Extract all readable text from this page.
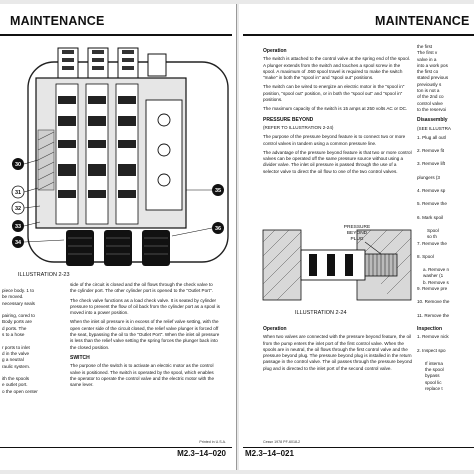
MAINTENANCE
30
31
32
33
34
35
36
ILLUSTRATION 2-23
piece body. 1 to
be moved.
necessary seals
pairing, cored to
Body ports are
d ports. The
s to a hose
r ports to inlet
d in the valve
g a neutral
raulic system.
ith the spools
e outlet port.
o the open center

side of the circuit is closed and the oil flows through the check valve to the cylinder port. The other cylinder port is opened to the "Outlet Port".

The check valve functions as a load check valve. It is seated by cylinder pressure to prevent the flow of oil back from the cylinder port as a spool is moved into a power position.

When the inlet oil pressure is in excess of the relief valve setting, with the open center side of the circuit closed, the relief valve plunger is forced off the seat, bypassing the oil to the "Outlet Port". When the inlet oil pressure is less than the relief valve setting the spring forces the plunger back into the closed position.

SWITCH

The purpose of the switch is to activate an electric motor as the control valve is positioned. The switch is operated by the spool, which enables the operator to operate the control valve and the electric motor with the same lever.

Printed in U.S.A.
M2.3–14–020
MAINTENANCE
Operation

The switch is attached to the control valve at the spring end of the spool. A plunger extends from the switch and touches a spool screw in the spool. A maximum of .060 spool travel is required to make the switch "make" in both the "spool in" and "spool out" positions.

The switch can be wired to energize an electric motor in the "spool in" position, "spool out" position, or in both the "spool out" and "spool in" positions.

The maximum capacity of the switch is 15 amps at 250 volts AC or DC.

PRESSURE BEYOND

(REFER TO ILLUSTRATION 2-24)

The purpose of the pressure beyond feature is to connect two or more control valves in tandem using a common pressure line.

The advantage of the pressure beyond feature is that two or more control valves can be operated off the same pressure source without using a divider valve. The inlet oil pressure is passed through the use of a selector valve to direct the oil flow to one of the two control valves.

PRESSURE
BEYOND
PLUG
ILLUSTRATION 2-24
Operation

When two valves are connected with the pressure beyond feature, the oil from the pump enters the inlet port of the first control valve. When the spools are in neutral, the oil flows through the first control valve and the pressure beyond plug. The pressure beyond plug is installed in the return passage in the control valve. The oil passes through the pressure beyond plug and is directed to the inlet port of the second control valve.

the first
The first v
valve in a
into a work pos
the first co
stated previous
previously s
ton is not a
of the 2nd co
control valve
to the reservoi
Disassembly

(SEE ILLUSTRA

1. Plug all outl
2. Remove fit
3. Remove lift
plungers (3
4. Remove sp
5. Remove the
6. Mark spoil
Spool
so th
7. Remove the
8. Spool
a. Remove n
washer (1
b. Remove s
9. Remove pre
10. Remove the
11. Remove the
Inspection
1. Remove nick
2. Inspect spo
If interna
the spool
bypass
spool lic
replace t
Cessn 1978 PF-6018-2
M2.3–14–021
